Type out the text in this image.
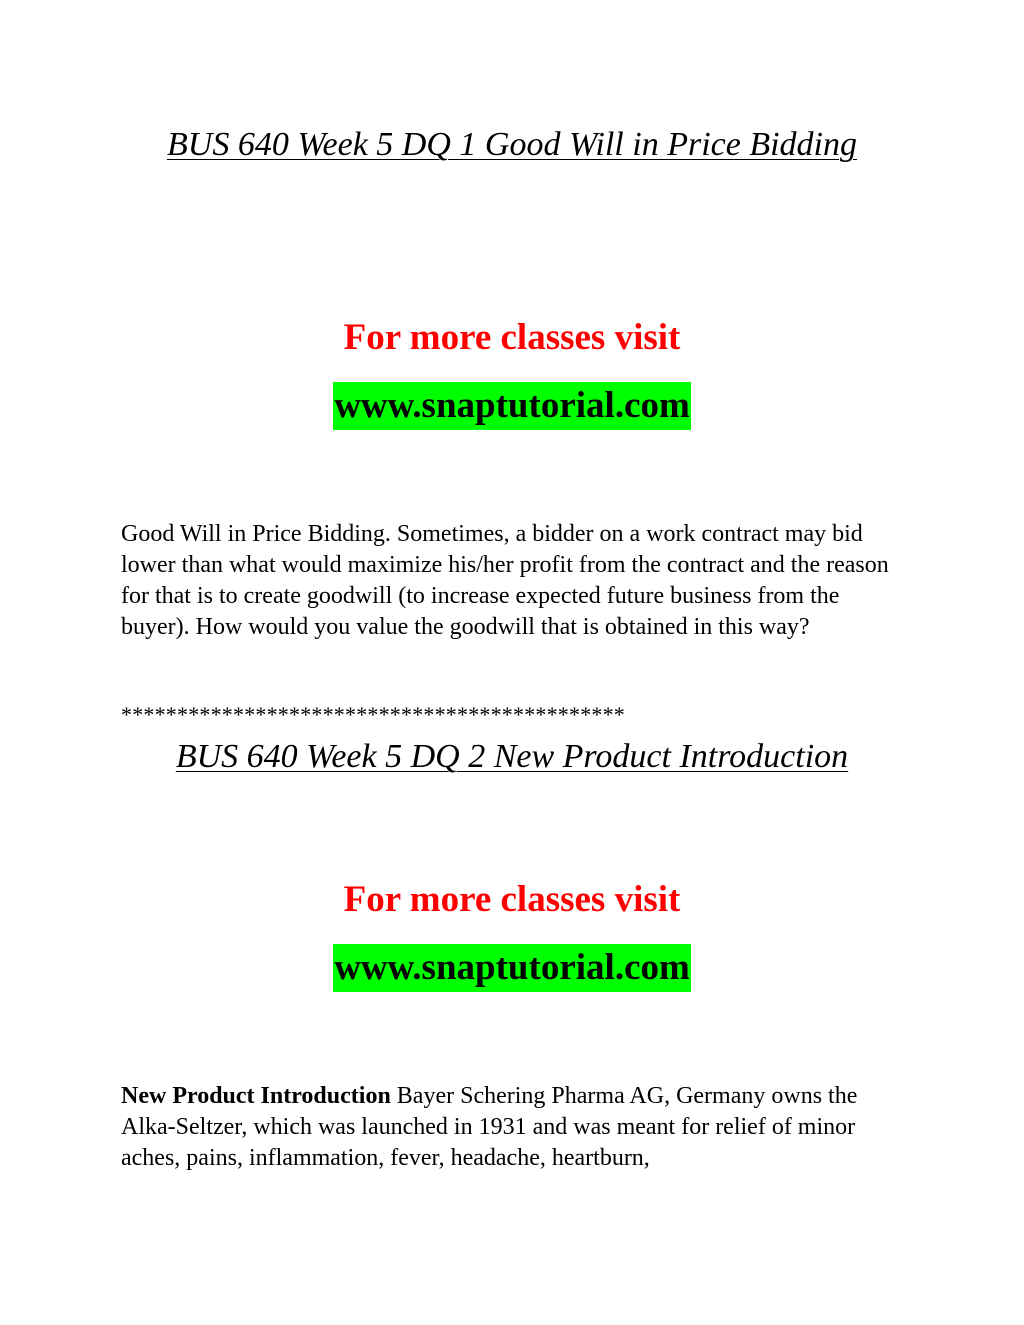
BUS 640 Week 5 DQ 1 Good Will in Price Bidding
For more classes visit
www.snaptutorial.com

Good Will in Price Bidding. Sometimes, a bidder on a work contract may bid lower than what would maximize his/her profit from the contract and the reason for that is to create goodwill (to increase expected future business from the buyer). How would you value the goodwill that is obtained in this way?

*********************************************
BUS 640 Week 5 DQ 2 New Product Introduction
For more classes visit
www.snaptutorial.com

New Product Introduction Bayer Schering Pharma AG, Germany owns the Alka-Seltzer, which was launched in 1931 and was meant for relief of minor aches, pains, inflammation, fever, headache, heartburn,
